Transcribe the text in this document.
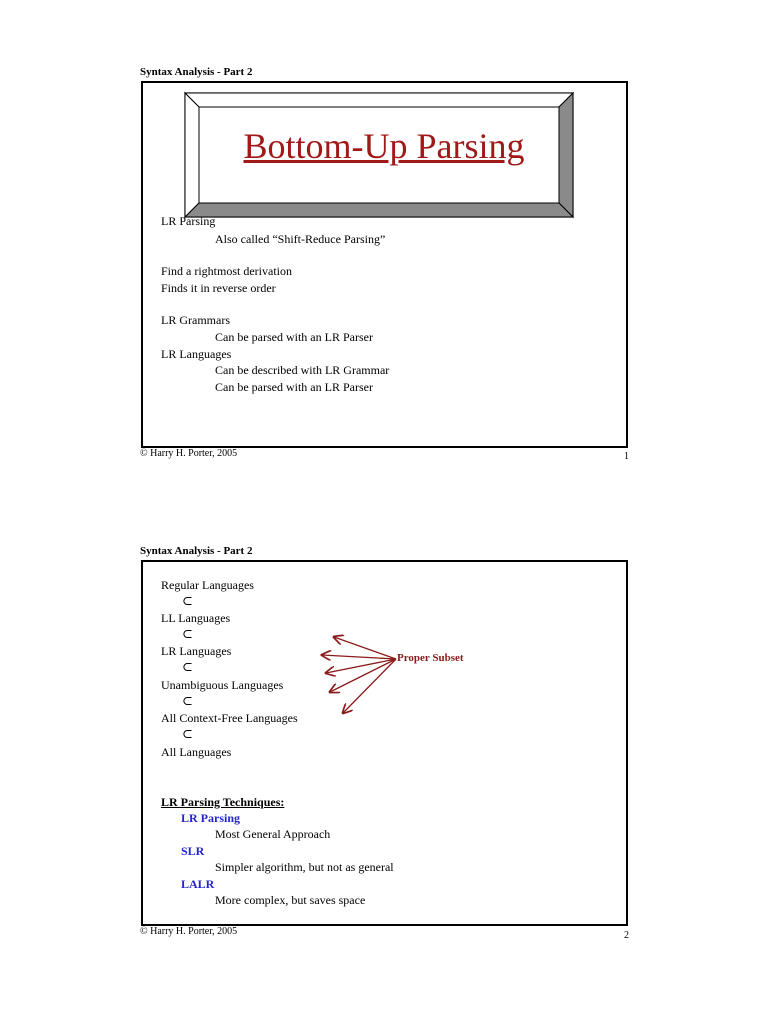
Syntax Analysis - Part 2
Bottom-Up Parsing
LR Parsing
Also called “Shift-Reduce Parsing”
Find a rightmost derivation
Finds it in reverse order
LR Grammars
Can be parsed with an LR Parser
LR Languages
Can be described with LR Grammar
Can be parsed with an LR Parser
© Harry H. Porter, 2005	1
Syntax Analysis - Part 2
Regular Languages
⊂
LL Languages
⊂
LR Languages
⊂
Unambiguous Languages
⊂
All Context-Free Languages
⊂
All Languages
Proper Subset
LR Parsing Techniques:
LR Parsing
Most General Approach
SLR
Simpler algorithm, but not as general
LALR
More complex, but saves space
© Harry H. Porter, 2005	2
